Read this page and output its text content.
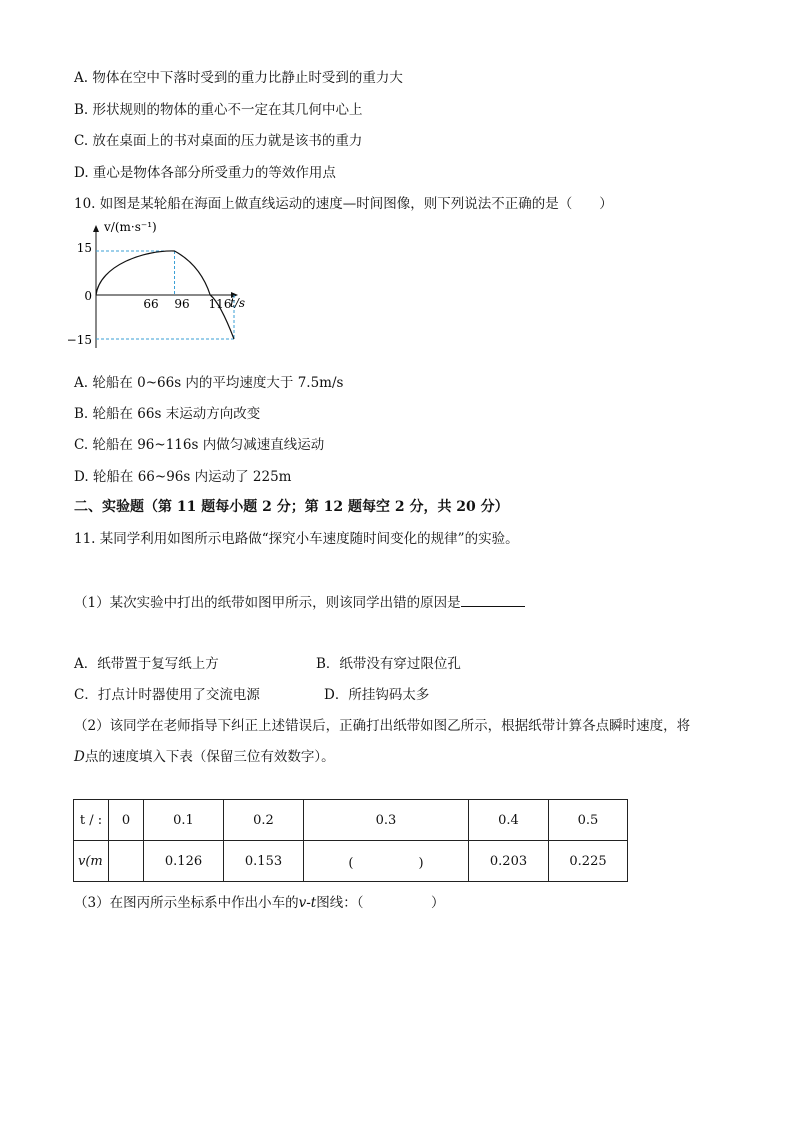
A. 物体在空中下落时受到的重力比静止时受到的重力大
B. 形状规则的物体的重心不一定在其几何中心上
C. 放在桌面上的书对桌面的压力就是该书的重力
D. 重心是物体各部分所受重力的等效作用点
10. 如图是某轮船在海面上做直线运动的速度—时间图像，则下列说法不正确的是（　　）
v/(m·s⁻¹)
t/s
15
0
−15
66 96 116
A. 轮船在 0~66s 内的平均速度大于 7.5m/s
B. 轮船在 66s 末运动方向改变
C. 轮船在 96~116s 内做匀减速直线运动
D. 轮船在 66~96s 内运动了 225m
二、实验题（第 11 题每小题 2 分；第 12 题每空 2 分，共 20 分）
11. 某同学利用如图所示电路做“探究小车速度随时间变化的规律”的实验。
（1）某次实验中打出的纸带如图甲所示，则该同学出错的原因是
A．纸带置于复写纸上方	B．纸带没有穿过限位孔
C．打点计时器使用了交流电源	D．所挂钩码太多
（2）该同学在老师指导下纠正上述错误后，正确打出纸带如图乙所示，根据纸带计算各点瞬时速度，将
D点的速度填入下表（保留三位有效数字）。
t / :	0	0.1	0.2	0.3	0.4	0.5
v(m		0.126	0.153	(　　　　　)	0.203	0.225
（3）在图丙所示坐标系中作出小车的v-t图线：（　　　　　）
